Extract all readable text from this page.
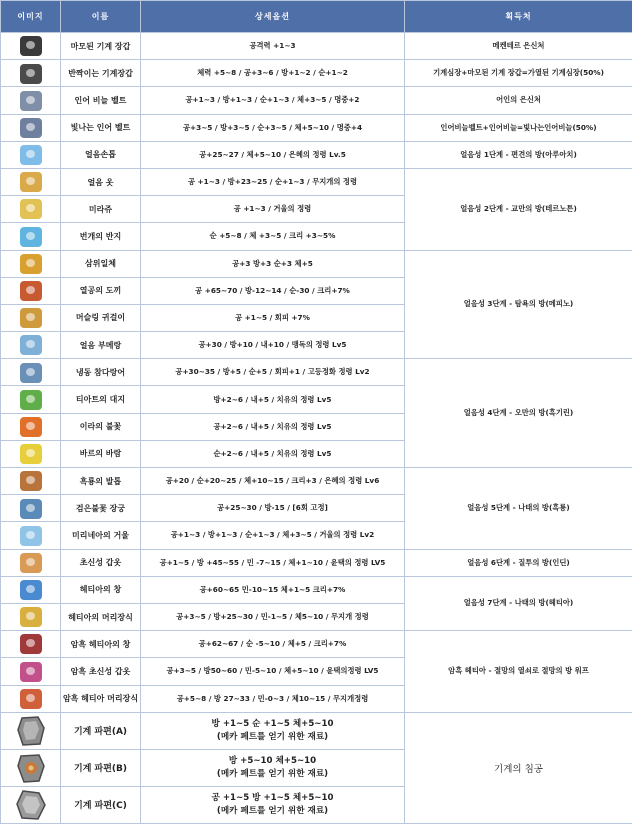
이미지	이름	상세옵션	획득처
	마모된 기계 장갑	공격력 +1~3	메켄테르 은신처
	반짝이는 기계장갑	체력 +5~8 / 공+3~6 / 방+1~2 / 순+1~2	기계심장+마모된 기계 장갑=가열된 기계심장(50%)
	인어 비늘 벨트	공+1~3 / 방+1~3 / 순+1~3 / 체+3~5 / 명중+2	어인의 은신처
	빛나는 인어 벨트	공+3~5 / 방+3~5 / 순+3~5 / 체+5~10 / 명중+4	인어비늘벨트+인어비늘=빛나는인어비늘(50%)
	얼음손톱	공+25~27 / 체+5~10 / 은혜의 정령 Lv.5	얼음성 1단계 - 편견의 방(아루아치)
	얼음 옷	공 +1~3 / 방+23~25 / 순+1~3 / 무지개의 정령	얼음성 2단계 - 교만의 방(테르노튼)
	미라쥬	공 +1~3 / 거울의 정령	
	번개의 반지	순 +5~8 / 체 +3~5 / 크리 +3~5%	
	삼위일체	공+3 방+3 순+3 체+5	얼음성 3단계 - 탐욕의 방(메피노)
	열공의 도끼	공 +65~70 / 방-12~14 / 순-30 / 크리+7%	
	머슬링 귀걸이	공 +1~5 / 회피 +7%	
	얼음 부메랑	공+30 / 방+10 / 내+10 / 맹독의 정령 Lv5	
	냉동 참다랑어	공+30~35 / 방+5 / 순+5 / 회피+1 / 고등정화 정령 Lv2	얼음성 4단계 - 오만의 방(흑기린)
	티아트의 대지	방+2~6 / 내+5 / 치유의 정령 Lv5	
	이라의 불꽃	공+2~6 / 내+5 / 치유의 정령 Lv5	
	바르의 바람	순+2~6 / 내+5 / 치유의 정령 Lv5	
	흑룡의 발톱	공+20 / 순+20~25 / 체+10~15 / 크리+3 / 은혜의 정령 Lv6	얼음성 5단계 - 나태의 방(흑룡)
	검은불꽃 장궁	공+25~30 / 방-15 / [6회 고정]	
	미리네아의 거울	공+1~3 / 방+1~3 / 순+1~3 / 체+3~5 / 거울의 정령 Lv2	
	초신성 갑옷	공+1~5 / 방 +45~55 / 민 -7~15 / 체+1~10 / 윤택의 정령 LV5	얼음성 6단계 - 질투의 방(인딘)
	헤티아의 창	공+60~65 민-10~15 체+1~5 크리+7%	얼음성 7단계 - 나태의 방(헤티아)
	헤티아의 머리장식	공+3~5 / 방+25~30 / 민-1~5 / 체5~10 / 무지개 정령	
	암흑 헤티아의 창	공+62~67 / 순 -5~10 / 체+5 / 크리+7%	암흑 헤티아 - 절망의 열쇠로 절망의 방 워프
	암흑 초신성 갑옷	공+3~5 / 방50~60 / 민-5~10 / 체+5~10 / 윤택의정령 LV5	
	암흑 헤티아 머리장식	공+5~8 / 방 27~33 / 민-0~3 / 체10~15 / 무지개정령	
	기계 파편(A)	방 +1~5 순 +1~5 체+5~10
(메카 페트를 얻기 위한 재료)	기계의 침공
	기계 파편(B)	방 +5~10 체+5~10
(메카 페트를 얻기 위한 재료)	

	기계 파편(C)	공 +1~5 방 +1~5 체+5~10
(메카 페트를 얻기 위한 재료)	
